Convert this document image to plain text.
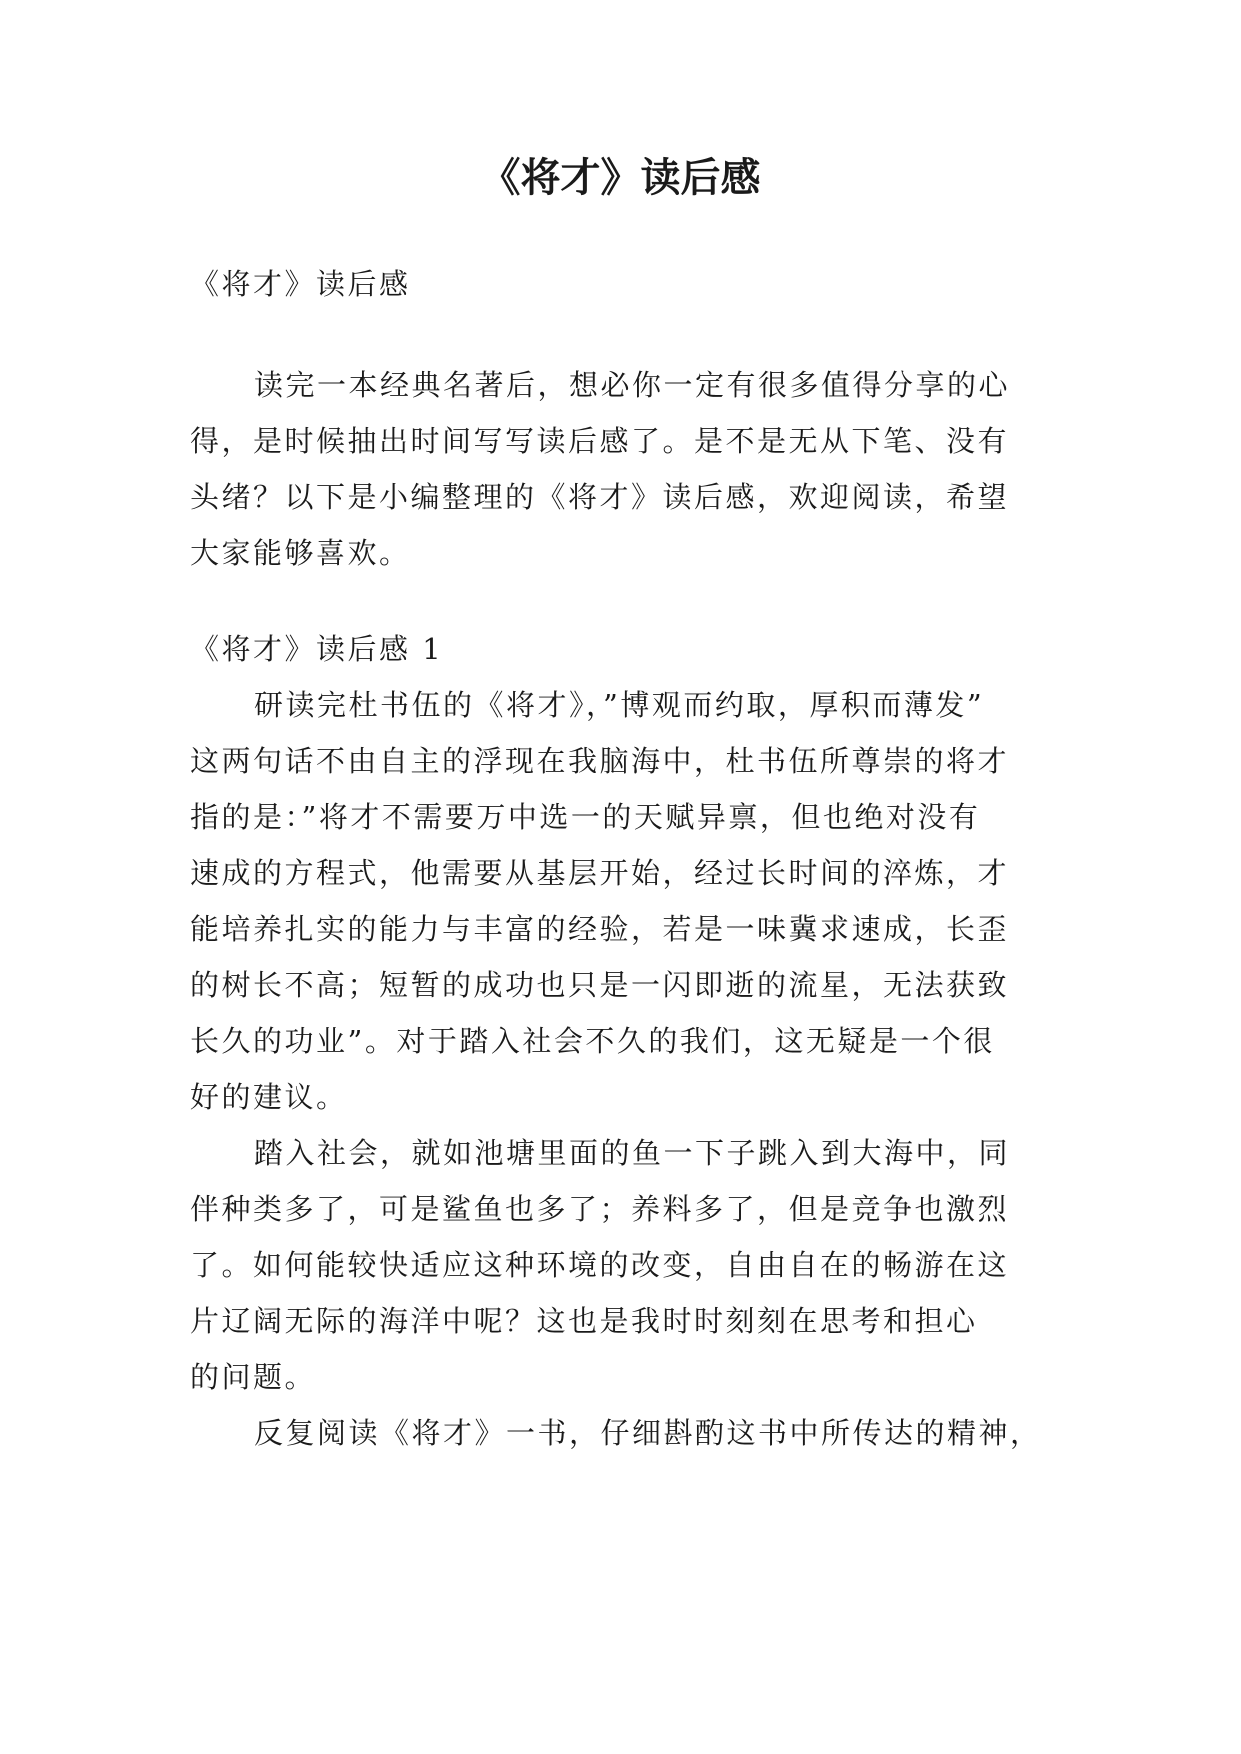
《将才》读后感

《将才》读后感

读完一本经典名著后，想必你一定有很多值得分享的心

得，是时候抽出时间写写读后感了。是不是无从下笔、没有

头绪？以下是小编整理的《将才》读后感，欢迎阅读，希望

大家能够喜欢。

《将才》读后感 1

研读完杜书伍的《将才》，”博观而约取，厚积而薄发”

这两句话不由自主的浮现在我脑海中，杜书伍所尊崇的将才

指的是：”将才不需要万中选一的天赋异禀，但也绝对没有

速成的方程式，他需要从基层开始，经过长时间的淬炼，才

能培养扎实的能力与丰富的经验，若是一味冀求速成，长歪

的树长不高；短暂的成功也只是一闪即逝的流星，无法获致

长久的功业”。对于踏入社会不久的我们，这无疑是一个很

好的建议。

踏入社会，就如池塘里面的鱼一下子跳入到大海中，同

伴种类多了，可是鲨鱼也多了；养料多了，但是竞争也激烈

了。如何能较快适应这种环境的改变，自由自在的畅游在这

片辽阔无际的海洋中呢？这也是我时时刻刻在思考和担心

的问题。

反复阅读《将才》一书，仔细斟酌这书中所传达的精神，
